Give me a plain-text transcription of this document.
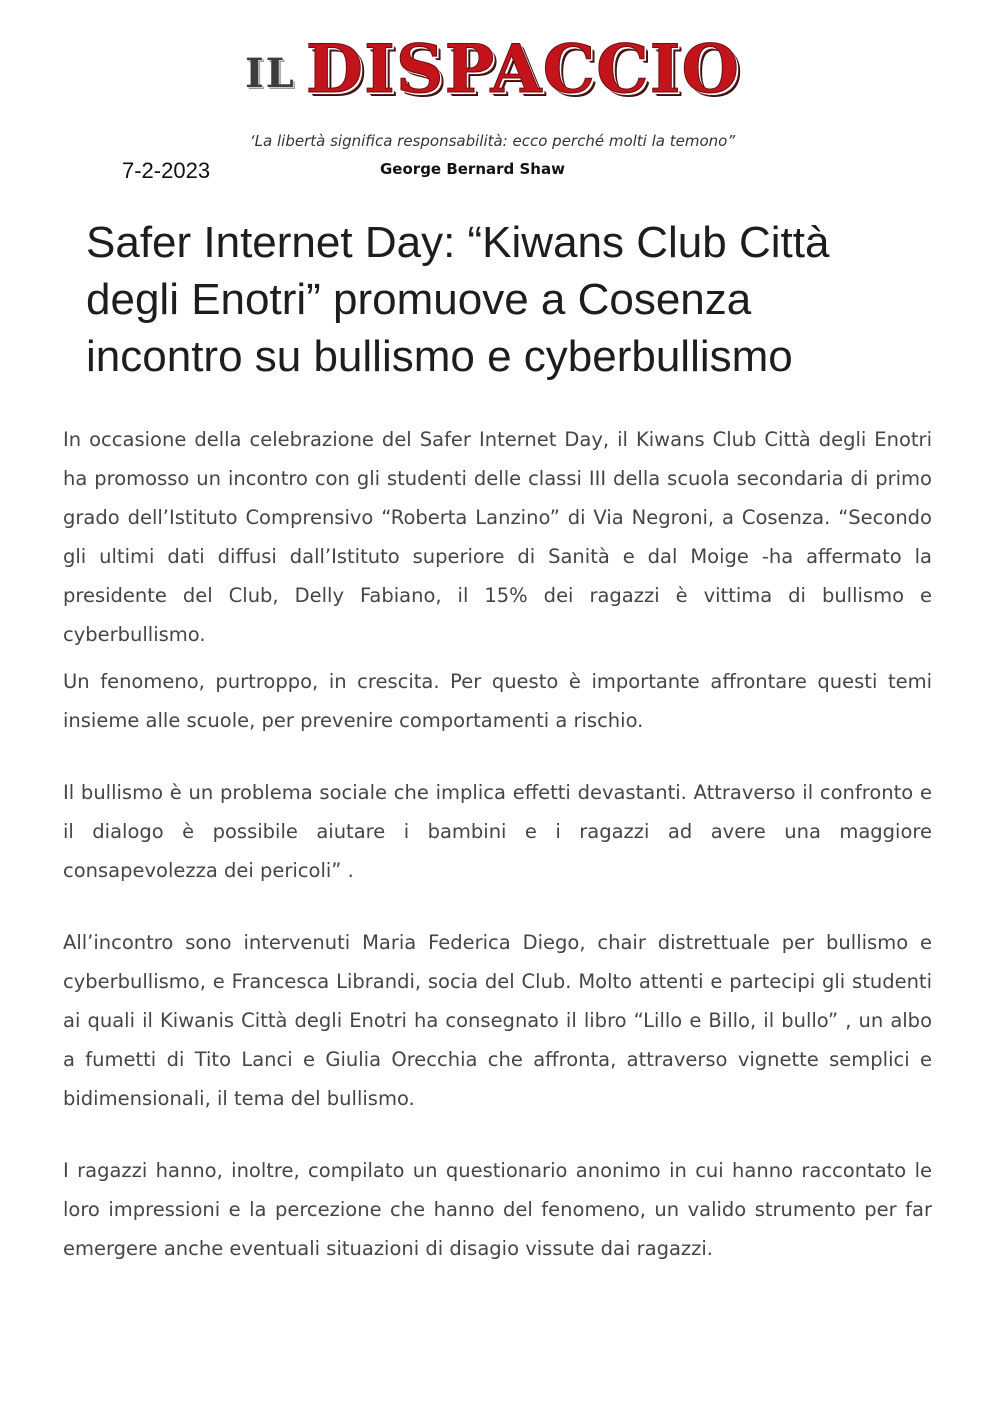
IL DISPACCIO
‘La libertà significa responsabilità: ecco perché molti la temono”
7-2-2023	George Bernard Shaw
Safer Internet Day: “Kiwans Club Città degli Enotri” promuove a Cosenza incontro su bullismo e cyberbullismo

In occasione della celebrazione del Safer Internet Day, il Kiwans Club Città degli Enotri ha promosso un incontro con gli studenti delle classi III della scuola secondaria di primo grado dell’Istituto Comprensivo “Roberta Lanzino” di Via Negroni, a Cosenza. “Secondo gli ultimi dati diffusi dall’Istituto superiore di Sanità e dal Moige -ha affermato la presidente del Club, Delly Fabiano, il 15% dei ragazzi è vittima di bullismo e cyberbullismo.

Un fenomeno, purtroppo, in crescita. Per questo è importante affrontare questi temi insieme alle scuole, per prevenire comportamenti a rischio.

Il bullismo è un problema sociale che implica effetti devastanti. Attraverso il confronto e il dialogo è possibile aiutare i bambini e i ragazzi ad avere una maggiore consapevolezza dei pericoli” .

All’incontro sono intervenuti Maria Federica Diego, chair distrettuale per bullismo e cyberbullismo, e Francesca Librandi, socia del Club. Molto attenti e partecipi gli studenti ai quali il Kiwanis Città degli Enotri ha consegnato il libro “Lillo e Billo, il bullo” , un albo a fumetti di Tito Lanci e Giulia Orecchia che affronta, attraverso vignette semplici e bidimensionali, il tema del bullismo.

I ragazzi hanno, inoltre, compilato un questionario anonimo in cui hanno raccontato le loro impressioni e la percezione che hanno del fenomeno, un valido strumento per far emergere anche eventuali situazioni di disagio vissute dai ragazzi.
